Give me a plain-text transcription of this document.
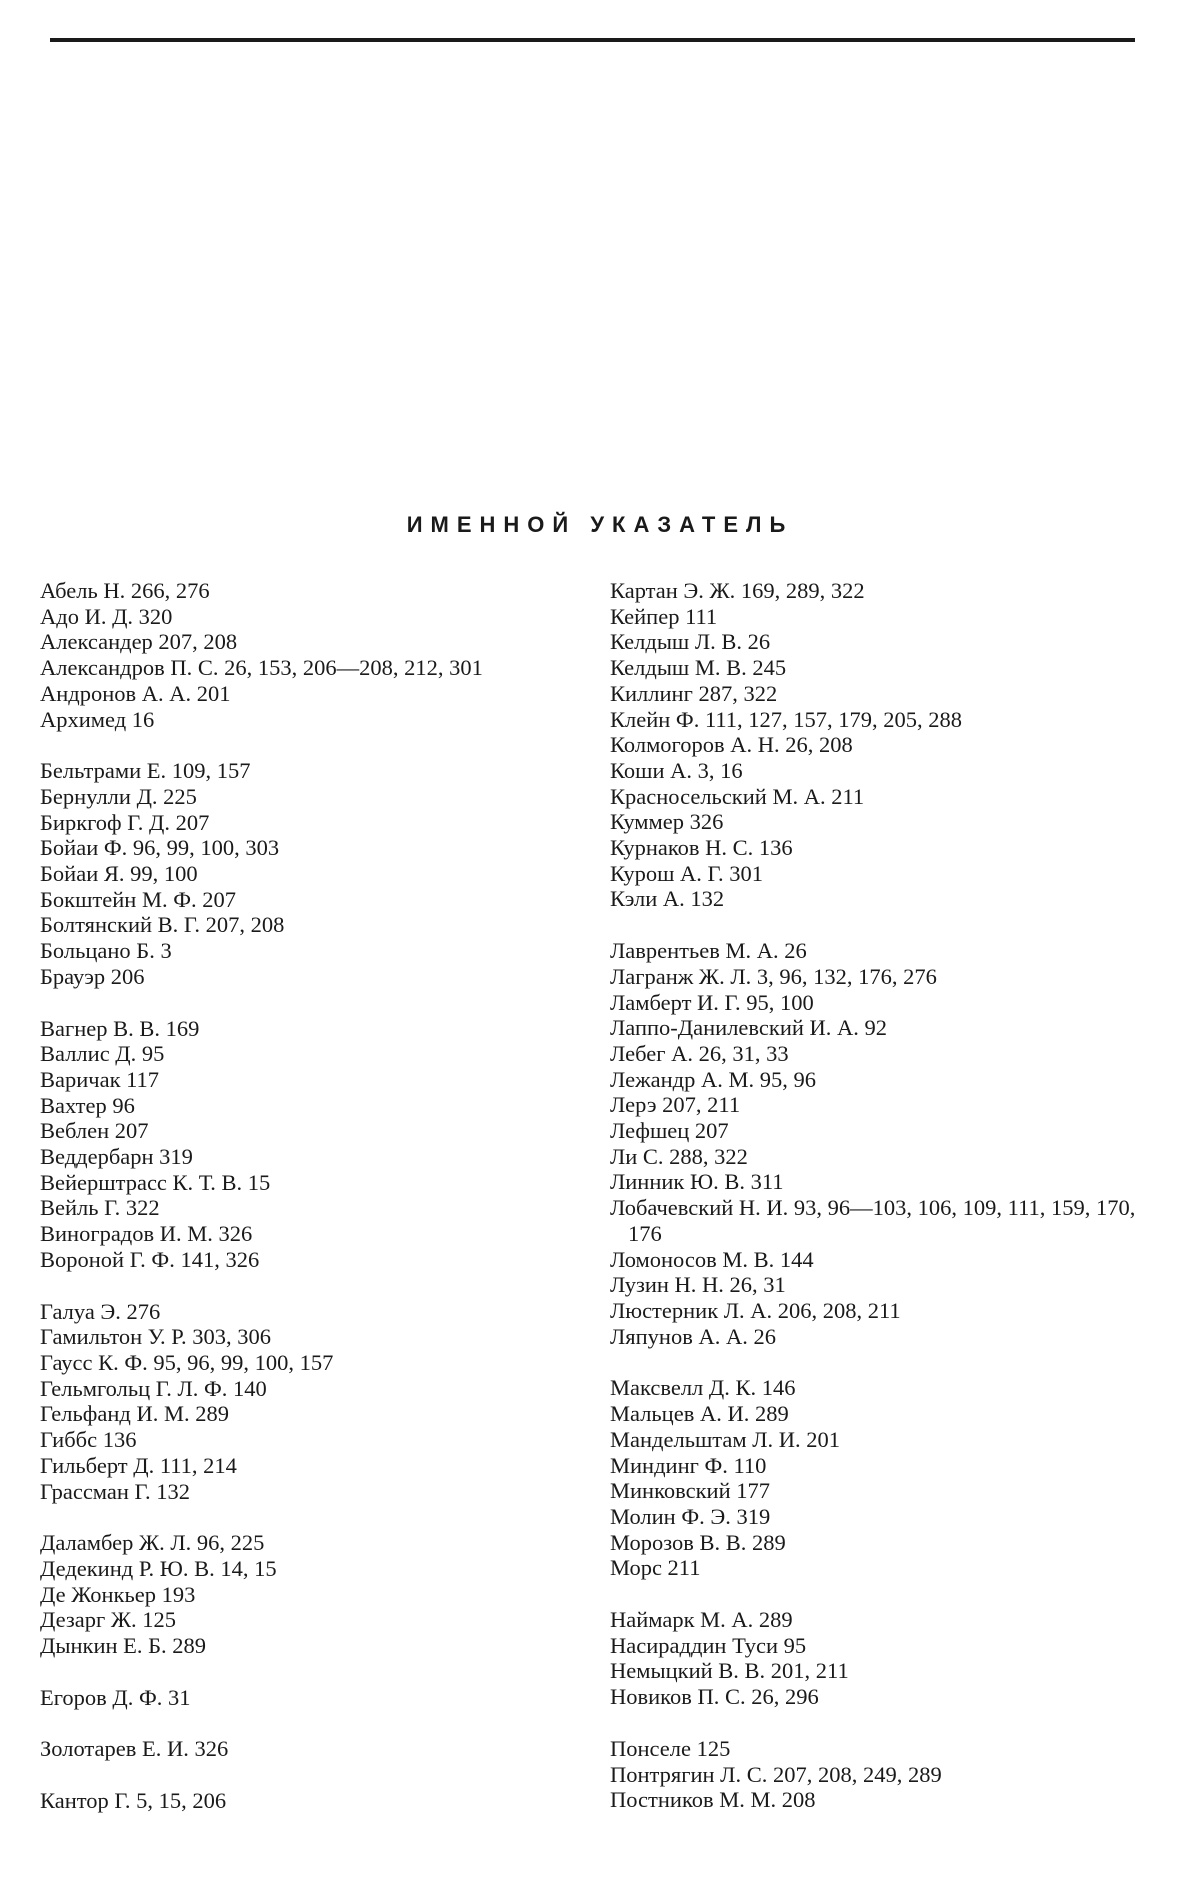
ИМЕННОЙ УКАЗАТЕЛЬ
Абель Н. 266, 276
Адо И. Д. 320
Александер 207, 208
Александров П. С. 26, 153, 206—208, 212, 301
Андронов А. А. 201
Архимед 16
Бельтрами Е. 109, 157
Бернулли Д. 225
Биркгоф Г. Д. 207
Бойаи Ф. 96, 99, 100, 303
Бойаи Я. 99, 100
Бокштейн М. Ф. 207
Болтянский В. Г. 207, 208
Больцано Б. 3
Брауэр 206
Вагнер В. В. 169
Валлис Д. 95
Варичак 117
Вахтер 96
Веблен 207
Веддербарн 319
Вейерштрасс К. Т. В. 15
Вейль Г. 322
Виноградов И. М. 326
Вороной Г. Ф. 141, 326
Галуа Э. 276
Гамильтон У. Р. 303, 306
Гаусс К. Ф. 95, 96, 99, 100, 157
Гельмгольц Г. Л. Ф. 140
Гельфанд И. М. 289
Гиббс 136
Гильберт Д. 111, 214
Грассман Г. 132
Даламбер Ж. Л. 96, 225
Дедекинд Р. Ю. В. 14, 15
Де Жонкьер 193
Дезарг Ж. 125
Дынкин Е. Б. 289
Егоров Д. Ф. 31
Золотарев Е. И. 326
Кантор Г. 5, 15, 206
Картан Э. Ж. 169, 289, 322
Кейпер 111
Келдыш Л. В. 26
Келдыш М. В. 245
Киллинг 287, 322
Клейн Ф. 111, 127, 157, 179, 205, 288
Колмогоров А. Н. 26, 208
Коши А. 3, 16
Красносельский М. А. 211
Куммер 326
Курнаков Н. С. 136
Курош А. Г. 301
Кэли А. 132
Лаврентьев М. А. 26
Лагранж Ж. Л. 3, 96, 132, 176, 276
Ламберт И. Г. 95, 100
Лаппо-Данилевский И. А. 92
Лебег А. 26, 31, 33
Лежандр А. М. 95, 96
Лерэ 207, 211
Лефшец 207
Ли С. 288, 322
Линник Ю. В. 311
Лобачевский Н. И. 93, 96—103, 106, 109, 111, 159, 170, 176
Ломоносов М. В. 144
Лузин Н. Н. 26, 31
Люстерник Л. А. 206, 208, 211
Ляпунов А. А. 26
Максвелл Д. К. 146
Мальцев А. И. 289
Мандельштам Л. И. 201
Миндинг Ф. 110
Минковский 177
Молин Ф. Э. 319
Морозов В. В. 289
Морс 211
Наймарк М. А. 289
Насираддин Туси 95
Немыцкий В. В. 201, 211
Новиков П. С. 26, 296
Понселе 125
Понтрягин Л. С. 207, 208, 249, 289
Постников М. М. 208
